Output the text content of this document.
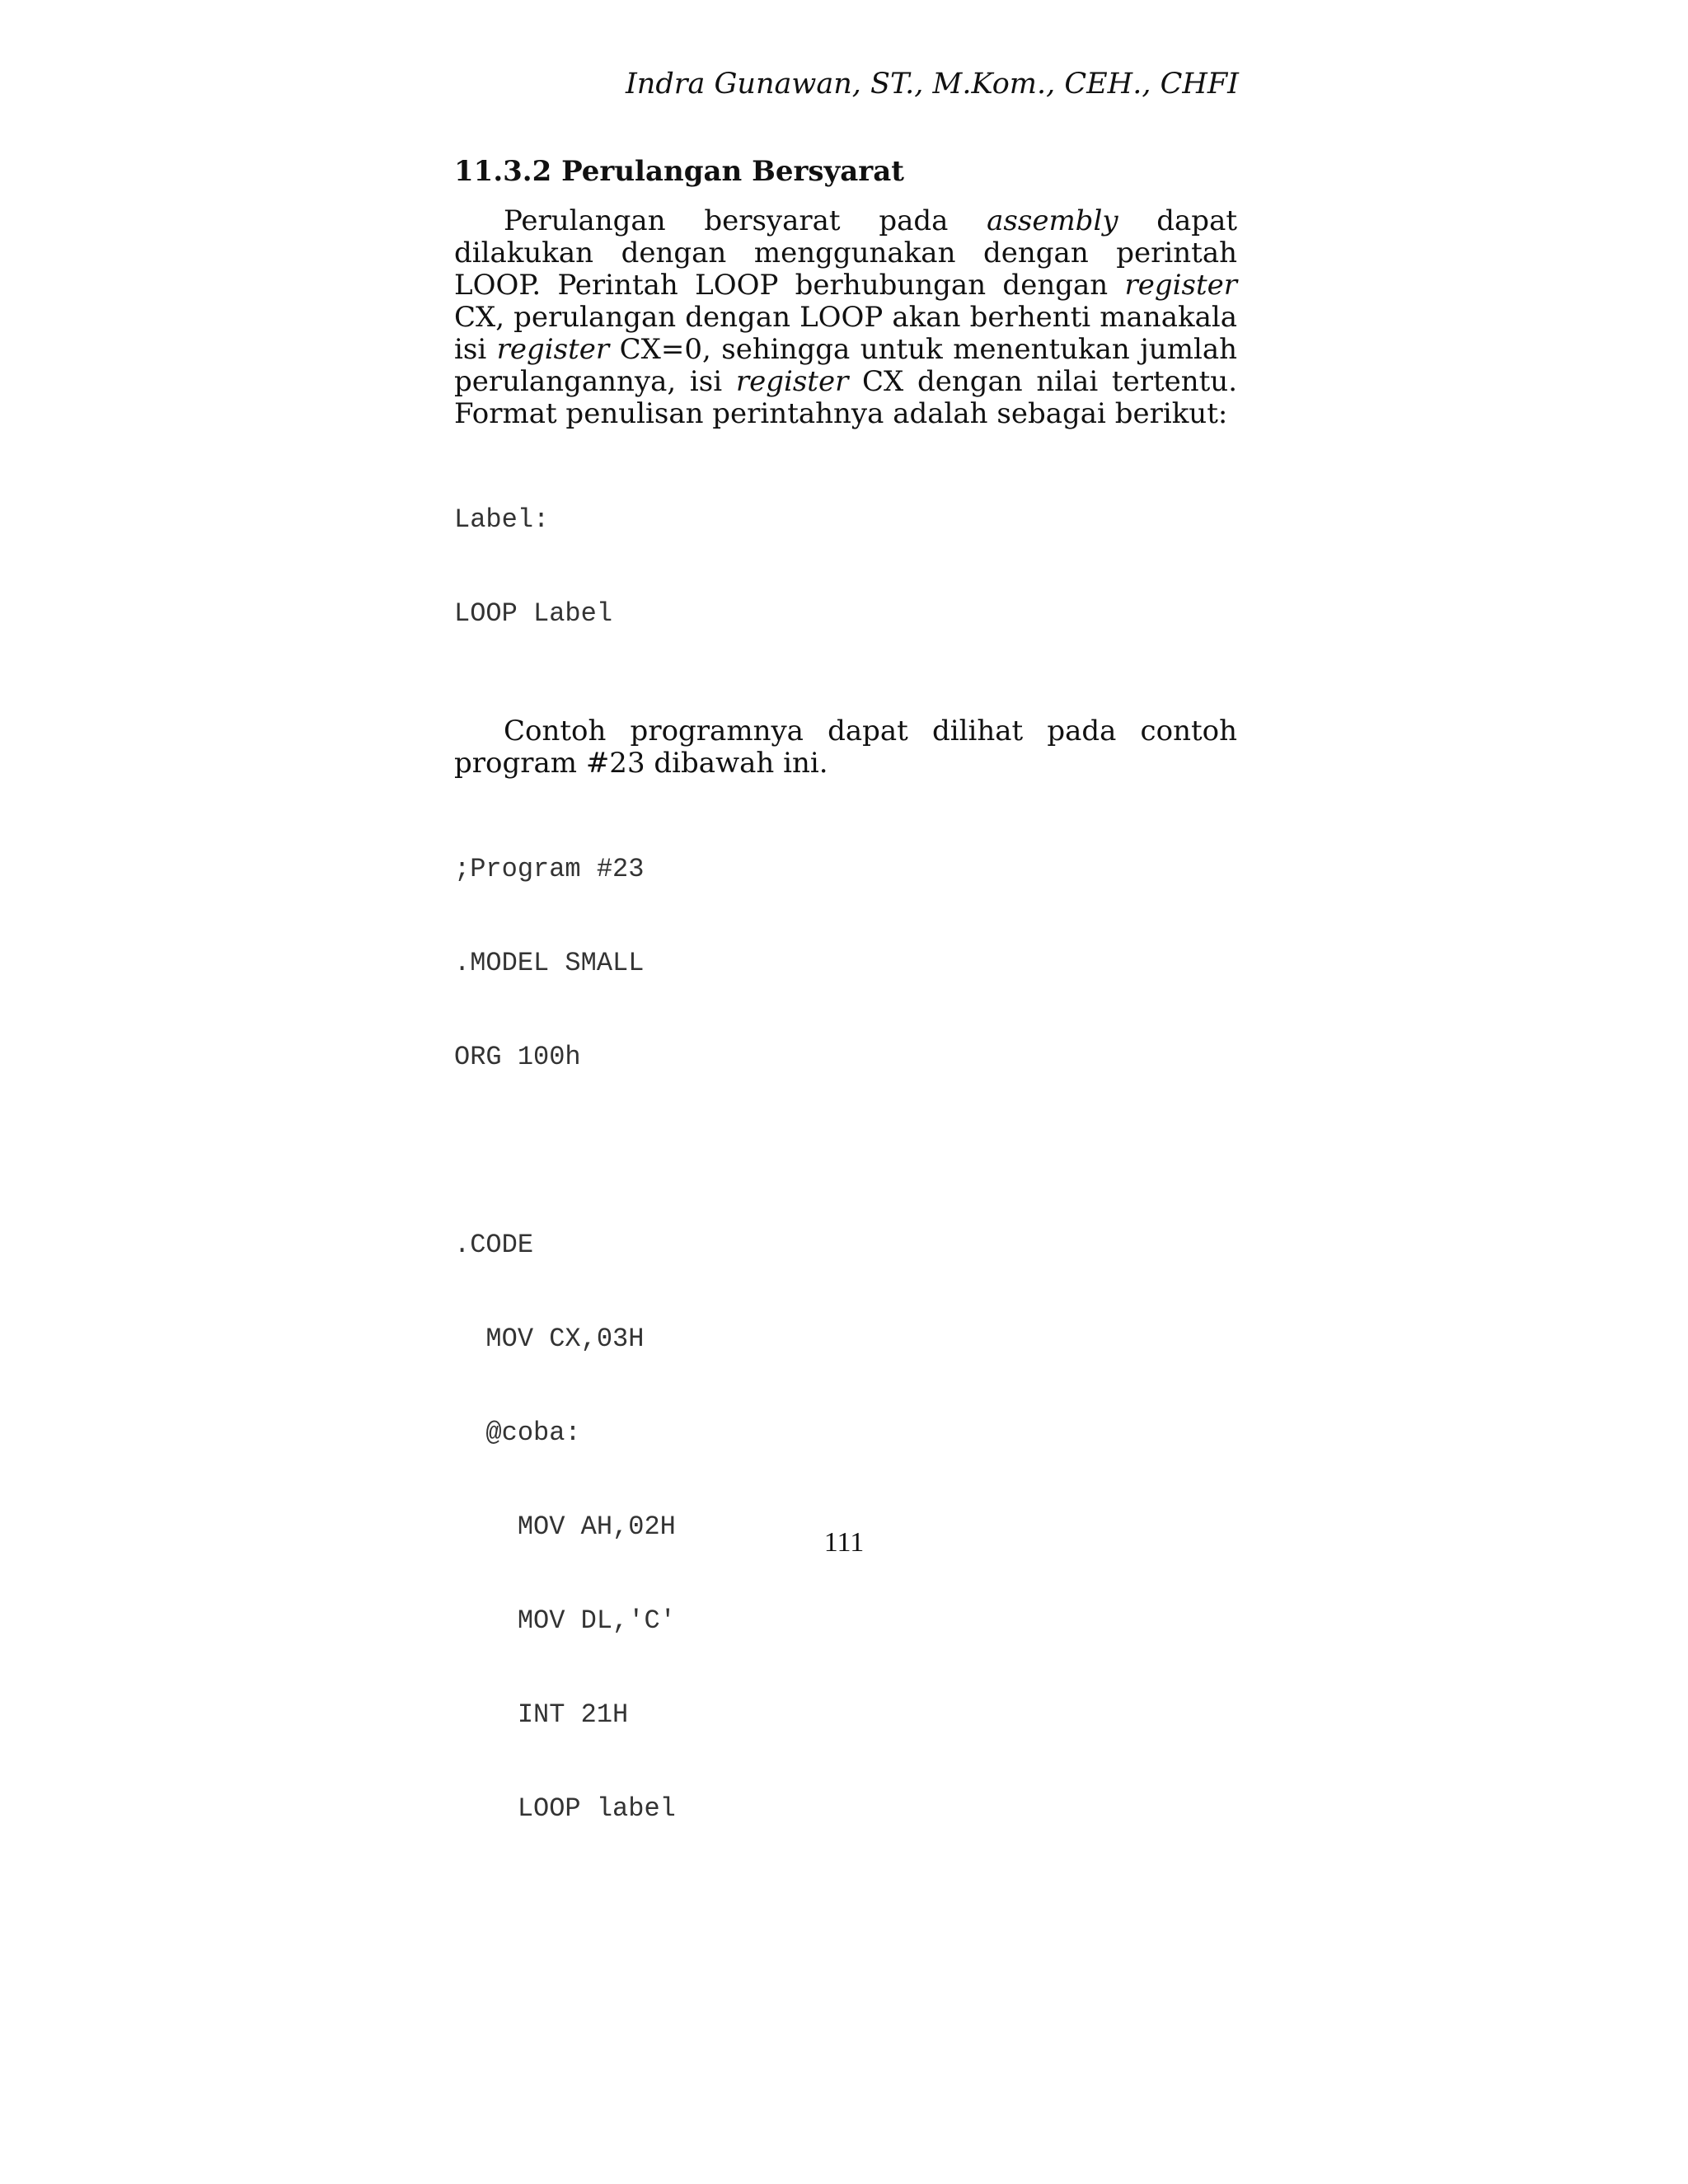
Indra Gunawan, ST., M.Kom., CEH., CHFI
11.3.2 Perulangan Bersyarat

Perulangan bersyarat pada assembly dapat dilakukan dengan menggunakan dengan perintah LOOP. Perintah LOOP berhubungan dengan register CX, perulangan dengan LOOP akan berhenti manakala isi register CX=0, sehingga untuk menentukan jumlah perulangannya, isi register CX dengan nilai tertentu. Format penulisan perintahnya adalah sebagai berikut:

Label:

LOOP Label

Contoh programnya dapat dilihat pada contoh program #23 dibawah ini.

;Program #23

.MODEL SMALL

ORG 100h

.CODE

MOV CX,03H

@coba:

MOV AH,02H

MOV DL,'C'

INT 21H

LOOP label

111
